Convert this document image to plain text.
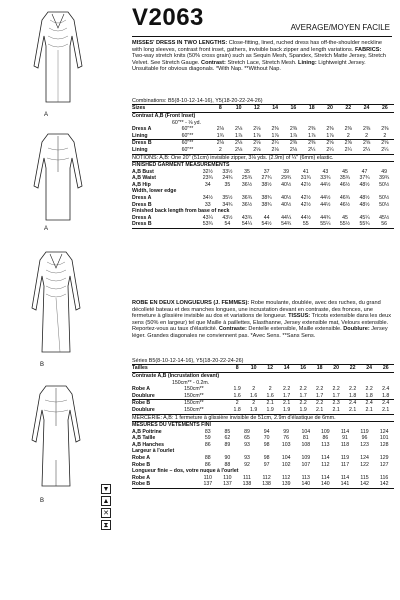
A
A
B
B
▼
▲
✕
⧗
V2063	AVERAGE/MOYEN FACILE
MISSES' DRESS IN TWO LENGTHS: Close-fitting, lined, ruched dress has off-the-shoulder neckline with long sleeves, contrast front inset, gathers, invisible back zipper and length variations. FABRICS: Two-way stretch knits (50% cross grain) such as Sequin Mesh, Spandex, Stretch Matte Jersey, Stretch Velvet. See Stretch Gauge. Contrast: Stretch Lace, Stretch Mesh. Lining: Lightweight Jersey. Unsuitable for obvious diagonals. *With Nap. **Without Nap.
Combinations: B5(8-10-12-14-16), Y5(18-20-22-24-26)
Sizes		8	10	12	14	16	18	20	22	24	26
Contrast A,B (Front Inset)											
60"** - ⅛ yd.											
Dress A	60"**	2⅛	2⅛	2⅛	2⅜	2⅜	2⅜	2⅜	2⅜	2⅜	2⅜
Lining	60"**	1¾	1⅞	1⅞	1⅞	1⅞	1⅞	1⅞	2	2	2
Dress B	60"**	2⅛	2⅛	2⅛	2¼	2⅜	2⅜	2⅝	2⅝	2⅝	2⅝
Lining	60"**	2	2⅛	2⅛	2⅛	2⅛	2¼	2¼	2¼	2¼	2¼
NOTIONS: A,B: One 20" (51cm) invisible zipper, 3⅛ yds. (2.9m) of ¼" (6mm) elastic.
FINISHED GARMENT MEASUREMENTS										
A,B Bust	32½	33½	35	37	39	41	43	45	47	49
A,B Waist	23¾	24¾	25¾	27¾	29¾	31¾	33¾	35¾	37¾	39¾
A,B Hip	34	35	36½	38½	40½	42½	44½	46½	48½	50½
Width, lower edge										
Dress A	34½	35½	36¾	38¾	40½	42½	44½	46¾	48½	50½
Dress B	33	34¾	36½	38¾	40½	42½	44½	46½	48½	50½
Finished back length from base of neck										
Dress A	43¼	43½	43¾	44	44¼	44½	44¾	45	45¼	45½
Dress B	53¾	54	54¼	54½	54¾	55	55¼	55½	55¾	56
ROBE EN DEUX LONGUEURS (J. FEMMES): Robe moulante, doublée, avec des ruches, du grand décolleté bateau et des manches longues, une incrustation devant en contraste, des fronces, une fermeture à glissière invisible au dos et variations de longueur. TISSUS: Tricots extensible dans les deux sens (50% en largeur) tel que Maille à paillettes, Elasthanne, Jersey extensible mat, Velours extensible. Reportez-vous au taux d'élasticité. Contraste: Dentelle extensible, Maille extensible. Doublure: Jersey léger. Grandes diagonales ne conviennent pas. *Avec Sens. **Sans Sens.
Séries B5(8-10-12-14-16), Y5(18-20-22-24-26)
Tailles		8	10	12	14	16	18	20	22	24	26
Contraste A,B (Incrustation devant)											
150cm** - 0.2m.											
Robe A	150cm**	1.9	2	2	2.2	2.2	2.2	2.2	2.2	2.2	2.4
Doublure	150cm**	1.6	1.6	1.6	1.7	1.7	1.7	1.7	1.8	1.8	1.8
Robe B	150cm**	2	2	2.1	2.1	2.2	2.2	2.3	2.4	2.4	2.4
Doublure	150cm**	1.8	1.9	1.9	1.9	1.9	2.1	2.1	2.1	2.1	2.1
MERCERIE: A,B: 1 fermeture à glissière invisible de 51cm, 2.9m d'élastique de 6mm.
MESURES DU VÊTEMENTS FINI										
A,B Poitrine	83	85	89	94	99	104	109	114	119	124
A,B Taille	59	62	65	70	76	81	86	91	96	101
A,B Hanches	86	89	93	98	103	108	113	118	123	128
Largeur à l'ourlet										
Robe A	88	90	93	98	104	109	114	119	124	129
Robe B	86	88	92	97	102	107	112	117	122	127
Longueur finie – dos, votre nuque à l'ourlet										
Robe A	110	110	111	112	112	113	114	114	115	116
Robe B	137	137	138	138	139	140	140	141	142	142
